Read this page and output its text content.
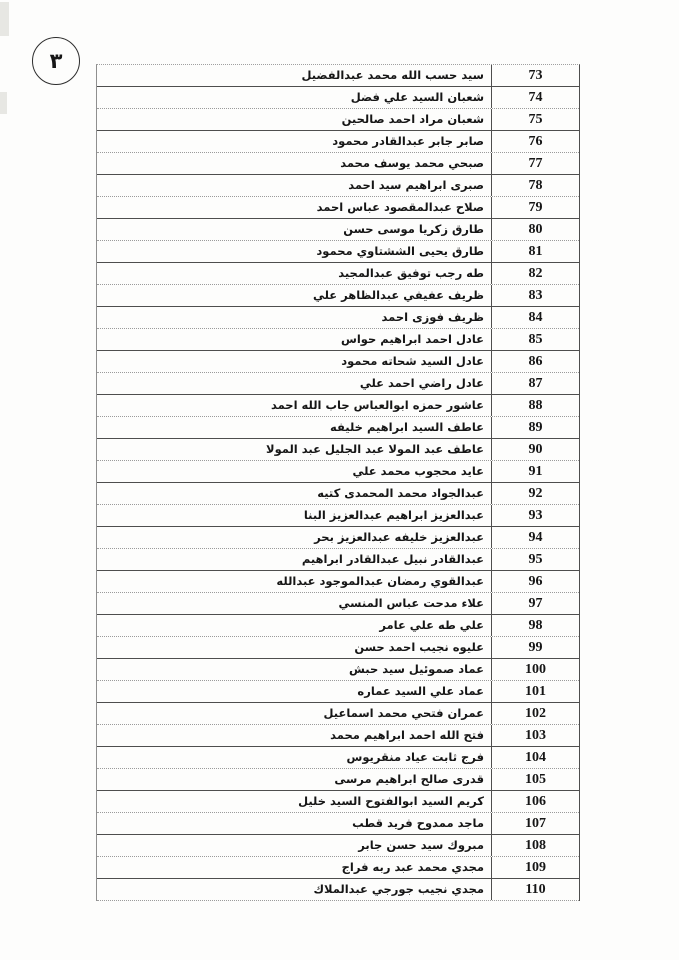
٣
سيد حسب الله محمد عبدالفضيل	73
شعبان السيد علي فضل	74
شعبان مراد احمد صالحين	75
صابر جابر عبدالقادر محمود	76
صبحي محمد يوسف محمد	77
صبرى ابراهيم سيد احمد	78
صلاح عبدالمقصود عباس احمد	79
طارق زكريا موسى حسن	80
طارق يحيى الششتاوي محمود	81
طه رجب توفيق عبدالمجيد	82
ظريف عفيفي عبدالظاهر علي	83
ظريف فوزى احمد	84
عادل احمد ابراهيم حواس	85
عادل السيد شحاته محمود	86
عادل راضي احمد علي	87
عاشور حمزه ابوالعباس جاب الله احمد	88
عاطف السيد ابراهيم خليفه	89
عاطف عبد المولا عبد الجليل عبد المولا	90
عايد محجوب محمد علي	91
عبدالجواد محمد المحمدى كتيه	92
عبدالعزيز ابراهيم عبدالعزيز البنا	93
عبدالعزيز خليفه عبدالعزيز بحر	94
عبدالقادر نبيل عبدالقادر ابراهيم	95
عبدالقوي رمضان عبدالموجود عبدالله	96
علاء مدحت عباس المنسي	97
علي طه علي عامر	98
عليوه نجيب احمد حسن	99
عماد صموئيل سيد حبش	100
عماد علي السيد عماره	101
عمران فتحي محمد اسماعيل	102
فتح الله احمد ابراهيم محمد	103
فرج ثابت عياد منقريوس	104
قدرى صالح ابراهيم مرسى	105
كريم السيد ابوالفتوح السيد خليل	106
ماجد ممدوح فريد قطب	107
مبروك سيد حسن جابر	108
مجدي محمد عبد ربه فراج	109
مجدي نجيب جورجي عبدالملاك	110
